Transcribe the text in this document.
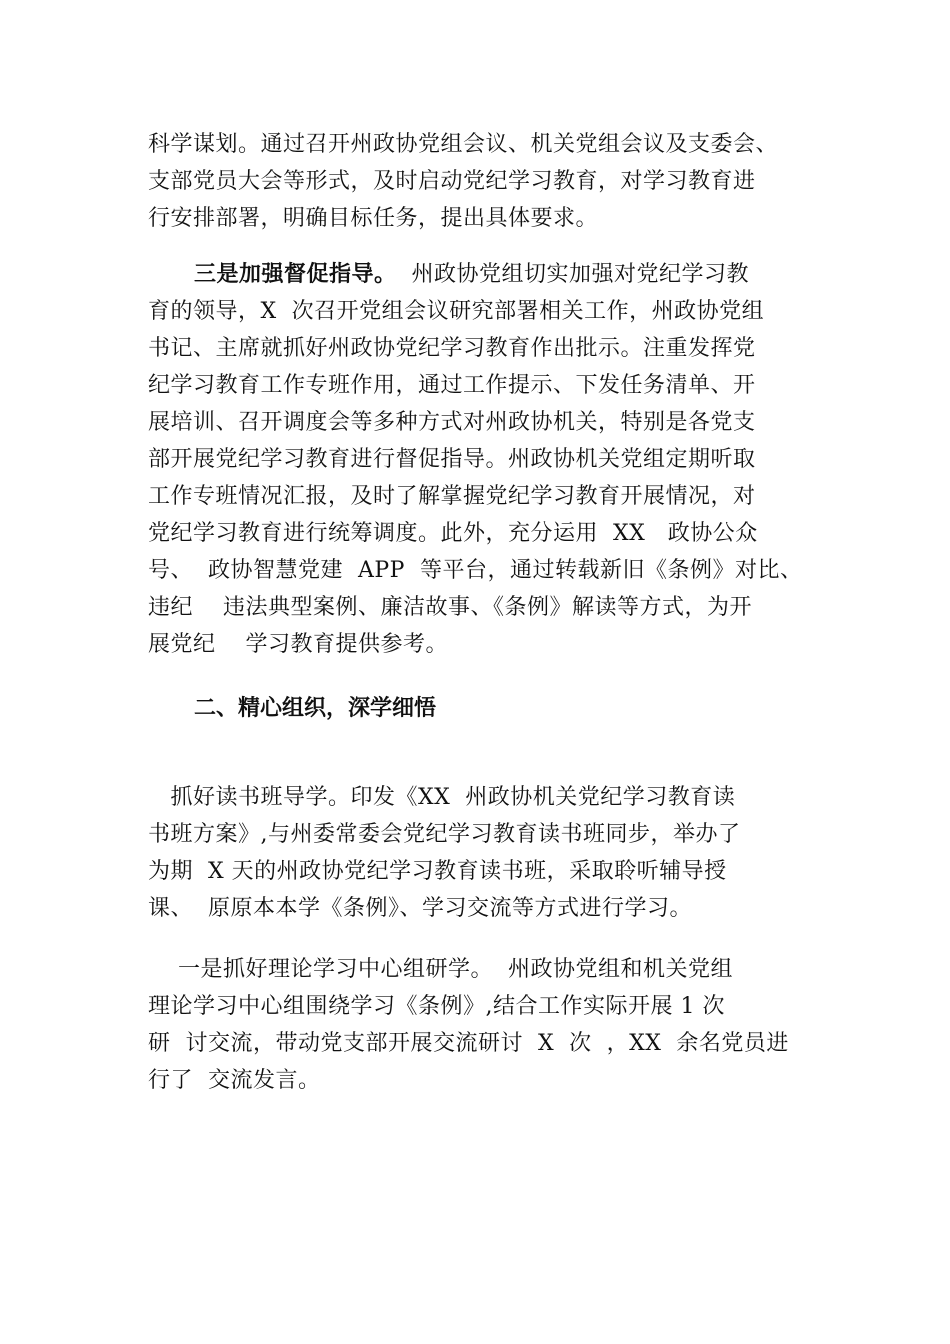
科学谋划。通过召开州政协党组会议、机关党组会议及支委会、
支部党员大会等形式，及时启动党纪学习教育，对学习教育进
行安排部署，明确目标任务，提出具体要求。
三是加强督促指导。  州政协党组切实加强对党纪学习教
育的领导，X  次召开党组会议研究部署相关工作，州政协党组
书记、主席就抓好州政协党纪学习教育作出批示。注重发挥党
纪学习教育工作专班作用，通过工作提示、下发任务清单、开
展培训、召开调度会等多种方式对州政协机关，特别是各党支
部开展党纪学习教育进行督促指导。州政协机关党组定期听取
工作专班情况汇报，及时了解掌握党纪学习教育开展情况，对
党纪学习教育进行统筹调度。此外，充分运用  XX   政协公众
号、  政协智慧党建  APP  等平台，通过转载新旧《条例》对比、
违纪    违法典型案例、廉洁故事、《条例》解读等方式，为开
展党纪    学习教育提供参考。
二、精心组织，深学细悟
抓好读书班导学。印发《XX  州政协机关党纪学习教育读
书班方案》,与州委常委会党纪学习教育读书班同步，举办了
为期  X 天的州政协党纪学习教育读书班，采取聆听辅导授
课、  原原本本学《条例》、学习交流等方式进行学习。
一是抓好理论学习中心组研学。  州政协党组和机关党组
理论学习中心组围绕学习《条例》,结合工作实际开展 1 次
研  讨交流，带动党支部开展交流研讨  X  次  ，XX  余名党员进
行了  交流发言。
